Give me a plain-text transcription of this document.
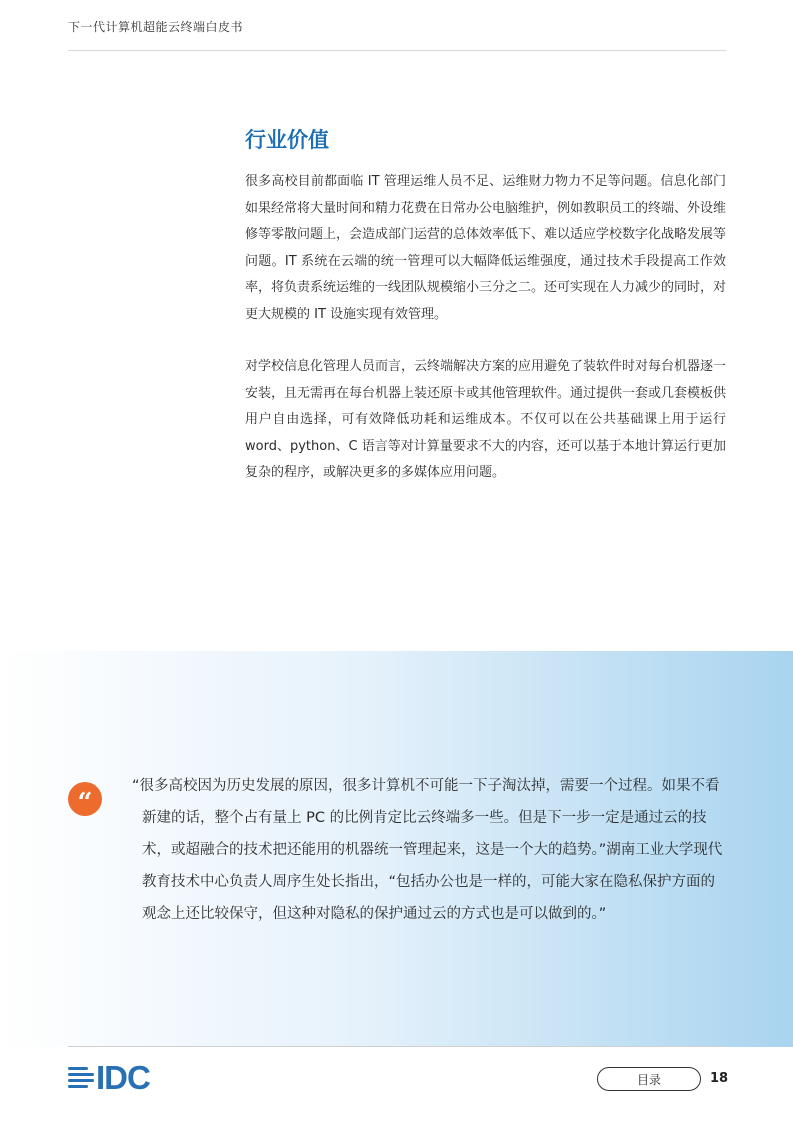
下一代计算机超能云终端白皮书
行业价值

很多高校目前都面临 IT 管理运维人员不足、运维财力物力不足等问题。信息化部门如果经常将大量时间和精力花费在日常办公电脑维护，例如教职员工的终端、外设维修等零散问题上，会造成部门运营的总体效率低下、难以适应学校数字化战略发展等问题。IT 系统在云端的统一管理可以大幅降低运维强度，通过技术手段提高工作效率，将负责系统运维的一线团队规模缩小三分之二。还可实现在人力减少的同时，对更大规模的 IT 设施实现有效管理。

对学校信息化管理人员而言，云终端解决方案的应用避免了装软件时对每台机器逐一安装，且无需再在每台机器上装还原卡或其他管理软件。通过提供一套或几套模板供用户自由选择，可有效降低功耗和运维成本。不仅可以在公共基础课上用于运行 word、python、C 语言等对计算量要求不大的内容，还可以基于本地计算运行更加复杂的程序，或解决更多的多媒体应用问题。

“

“很多高校因为历史发展的原因，很多计算机不可能一下子淘汰掉，需要一个过程。如果不看新建的话，整个占有量上 PC 的比例肯定比云终端多一些。但是下一步一定是通过云的技术，或超融合的技术把还能用的机器统一管理起来，这是一个大的趋势。”湖南工业大学现代教育技术中心负责人周序生处长指出，“包括办公也是一样的，可能大家在隐私保护方面的观念上还比较保守，但这种对隐私的保护通过云的方式也是可以做到的。”

IDC	目录	18
